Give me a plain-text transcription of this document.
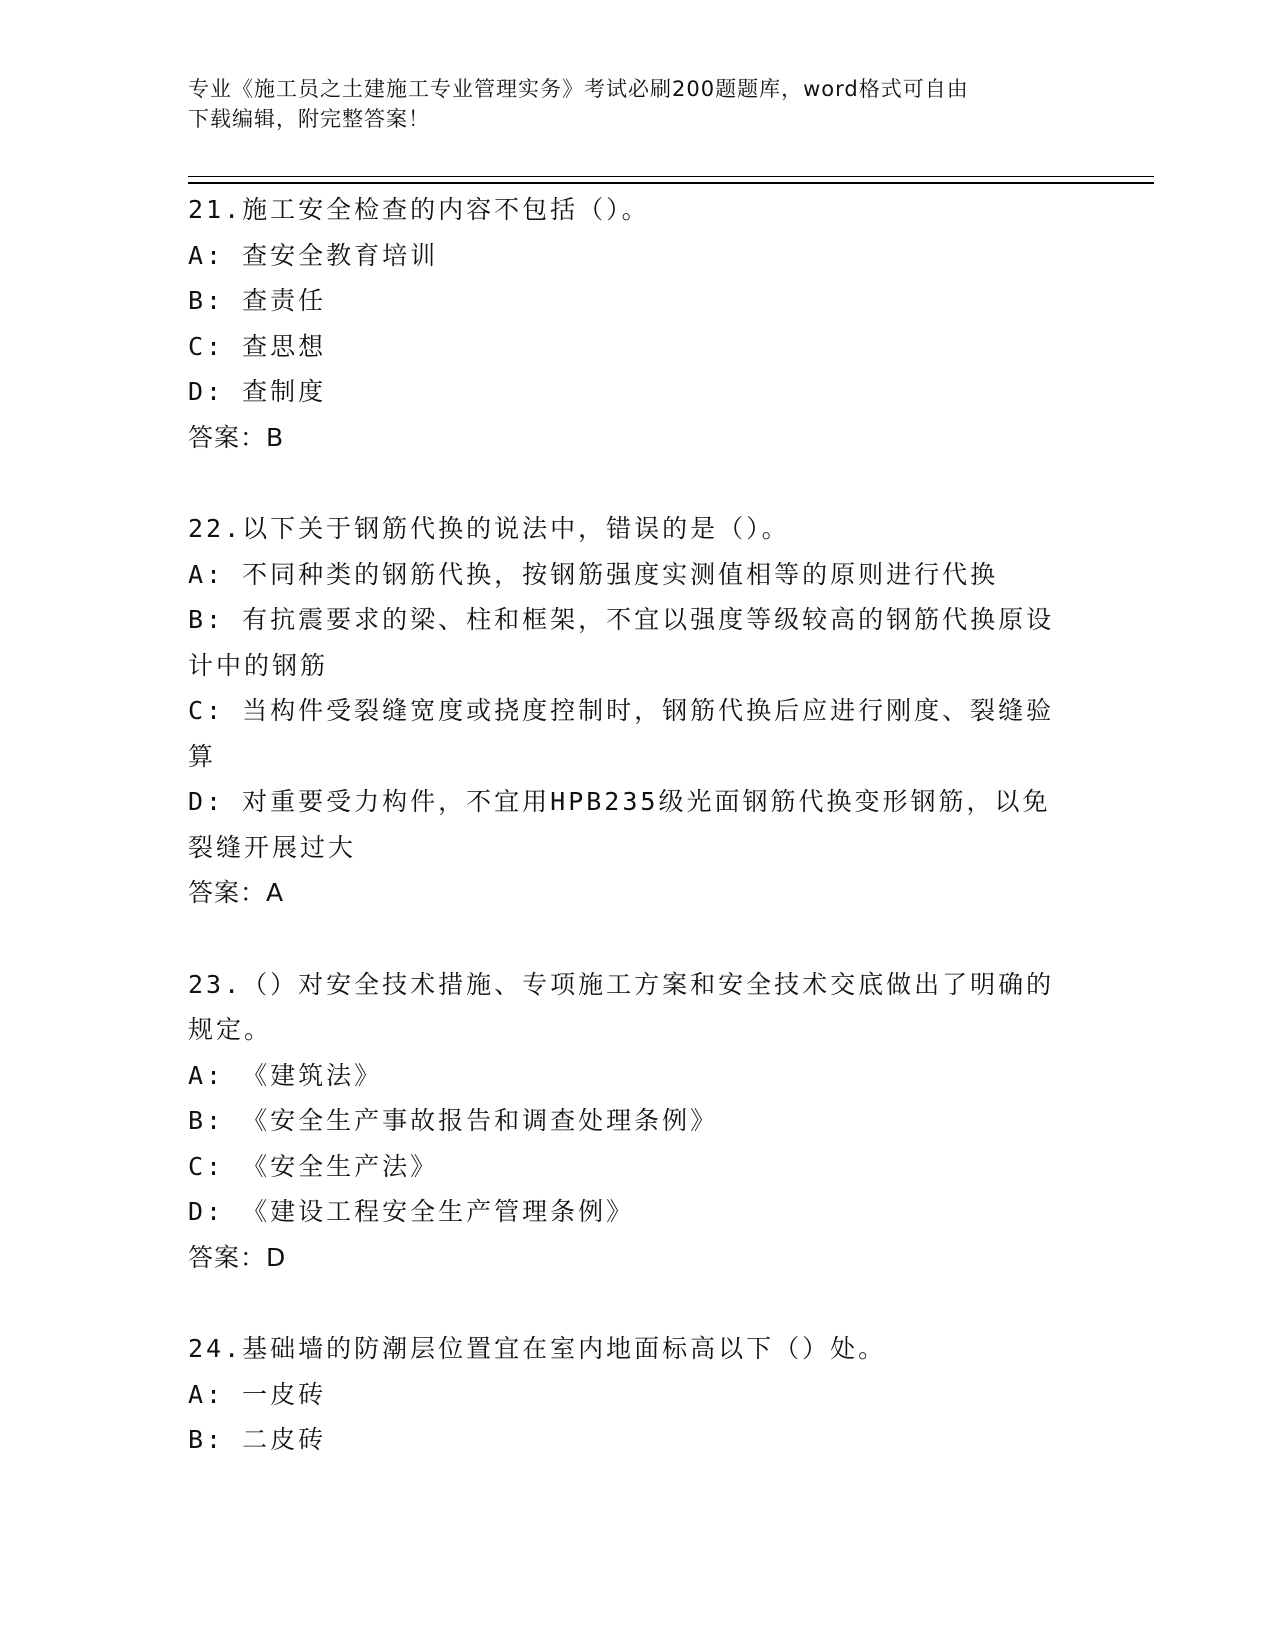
专业《施工员之土建施工专业管理实务》考试必刷200题题库，word格式可自由
下载编辑，附完整答案！
21.施工安全检查的内容不包括（）。
A: 查安全教育培训
B: 查责任
C: 查思想
D: 查制度
答案：B
22.以下关于钢筋代换的说法中，错误的是（）。
A: 不同种类的钢筋代换，按钢筋强度实测值相等的原则进行代换
B: 有抗震要求的梁、柱和框架，不宜以强度等级较高的钢筋代换原设
计中的钢筋
C: 当构件受裂缝宽度或挠度控制时，钢筋代换后应进行刚度、裂缝验
算
D: 对重要受力构件，不宜用HPB235级光面钢筋代换变形钢筋，以免
裂缝开展过大
答案：A
23.（）对安全技术措施、专项施工方案和安全技术交底做出了明确的
规定。
A: 《建筑法》
B: 《安全生产事故报告和调查处理条例》
C: 《安全生产法》
D: 《建设工程安全生产管理条例》
答案：D
24.基础墙的防潮层位置宜在室内地面标高以下（）处。
A: 一皮砖
B: 二皮砖
